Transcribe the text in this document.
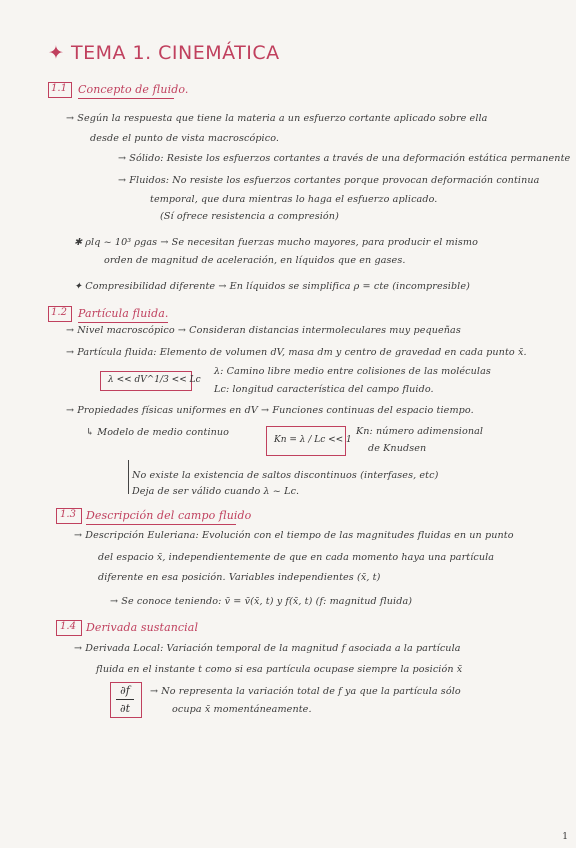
✦ TEMA 1. CINEMÁTICA
1.1 Concepto de fluido.
→ Según la respuesta que tiene la materia a un esfuerzo cortante aplicado sobre ella
desde el punto de vista macroscópico.
→ Sólido: Resiste los esfuerzos cortantes a través de una deformación estática permanente
→ Fluidos: No resiste los esfuerzos cortantes porque provocan deformación continua
temporal, que dura mientras lo haga el esfuerzo aplicado.
(Sí ofrece resistencia a compresión)
✱ ρlq ~ 10³ ρgas → Se necesitan fuerzas mucho mayores, para producir el mismo
orden de magnitud de aceleración, en líquidos que en gases.
✦ Compresibilidad diferente → En líquidos se simplifica ρ = cte (incompresible)
1.2 Partícula fluida.
→ Nivel macroscópico → Consideran distancias intermoleculares muy pequeñas
→ Partícula fluida: Elemento de volumen dV, masa dm y centro de gravedad en cada punto x̄.
λ << dV^1/3 << Lc
λ: Camino libre medio entre colisiones de las moléculas
Lc: longitud característica del campo fluido.
→ Propiedades físicas uniformes en dV → Funciones continuas del espacio tiempo.
↳ Modelo de medio continuo
Kn = λ / Lc << 1
Kn: número adimensional
de Knudsen
No existe la existencia de saltos discontinuos (interfases, etc)
Deja de ser válido cuando λ ~ Lc.
1.3 Descripción del campo fluido
→ Descripción Euleriana: Evolución con el tiempo de las magnitudes fluidas en un punto
del espacio x̄, independientemente de que en cada momento haya una partícula
diferente en esa posición. Variables independientes (x̄, t)
→ Se conoce teniendo: v̄ = v̄(x̄, t) y f(x̄, t) (f: magnitud fluida)
1.4 Derivada sustancial
→ Derivada Local: Variación temporal de la magnitud f asociada a la partícula
fluida en el instante t como si esa partícula ocupase siempre la posición x̄
∂f
∂t
→ No representa la variación total de f ya que la partícula sólo
ocupa x̄ momentáneamente.
1
